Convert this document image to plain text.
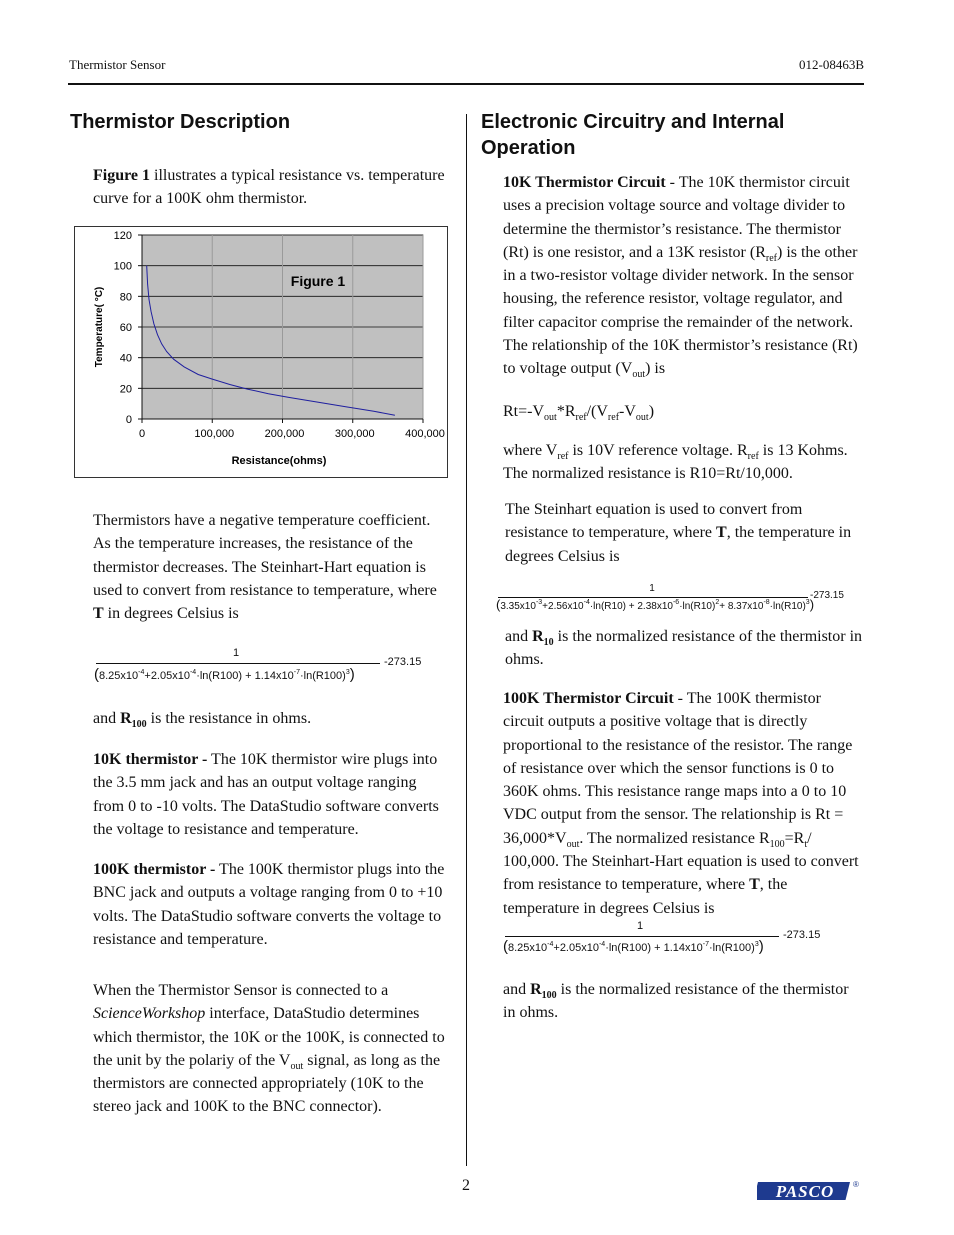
Thermistor Sensor	012-08463B
Thermistor Description

Figure 1 illustrates a typical resistance vs. temperature curve for a 100K ohm thermistor.

0
20
40
60
80
100
120
0	100,000	200,000	300,000	400,000
Figure 1
Resistance(ohms)
Temperature( °C)

Thermistors have a negative temperature coefficient. As the temperature increases, the resistance of the thermistor decreases. The Steinhart-Hart equation is used to convert from resistance to temperature, where T in degrees Celsius is

1
-273.15
$(8.25x10^{-4}+2.05x10^{-4}\cdot\ln(R100) + 1.14x10^{-7}\cdot\ln(R100)^3)$

and $R_{100}$ is the resistance in ohms.

10K thermistor - The 10K thermistor wire plugs into the 3.5 mm jack and has an output voltage ranging from 0 to -10 volts. The DataStudio software converts the voltage to resistance and temperature.

100K thermistor - The 100K thermistor plugs into the BNC jack and outputs a voltage ranging from 0 to +10 volts. The DataStudio software converts the voltage to resistance and temperature.

When the Thermistor Sensor is connected to a ScienceWorkshop interface, DataStudio determines which thermistor, the 10K or the 100K, is connected to the unit by the polariy of the $V_{out}$ signal, as long as the thermistors are connected appropriately (10K to the stereo jack and 100K to the BNC connector).

Electronic Circuitry and Internal
Operation

10K Thermistor Circuit - The 10K thermistor circuit uses a precision voltage source and voltage divider to determine the thermistor’s resistance. The thermistor (Rt) is one resistor, and a 13K resistor $(R_{ref})$ is the other in a two-resistor voltage divider network. In the sensor housing, the reference resistor, voltage regulator, and filter capacitor comprise the remainder of the network. The relationship of the 10K thermistor’s resistance (Rt) to voltage output $(V_{out})$ is

$Rt=-V_{out}*R_{ref}/(V_{ref}-V_{out})$

where $V_{ref}$ is 10V reference voltage. $R_{ref}$ is 13 Kohms. The normalized resistance is R10=Rt/10,000.

The Steinhart equation is used to convert from resistance to temperature, where T, the temperature in degrees Celsius is

1
-273.15
$(3.35x10^{-3}+2.56x10^{-4}\cdot\ln(R10) + 2.38x10^{-6}\cdot\ln(R10)^2+ 8.37x10^{-8}\cdot\ln(R10)^3)$

and $R_{10}$ is the normalized resistance of the thermistor in ohms.

100K Thermistor Circuit - The 100K thermistor circuit outputs a positive voltage that is directly proportional to the resistance of the resistor. The range of resistance over which the sensor functions is 0 to 360K ohms. This resistance range maps into a 0 to 10 VDC output from the sensor. The relationship is $Rt = 36,000*V_{out}$. The normalized resistance $R_{100}=R_t/$ 100,000. The Steinhart-Hart equation is used to convert from resistance to temperature, where T, the temperature in degrees Celsius is

1
-273.15
$(8.25x10^{-4}+2.05x10^{-4}\cdot\ln(R100) + 1.14x10^{-7}\cdot\ln(R100)^3)$

and $R_{100}$ is the normalized resistance of the thermistor in ohms.

2	PASCO ®
